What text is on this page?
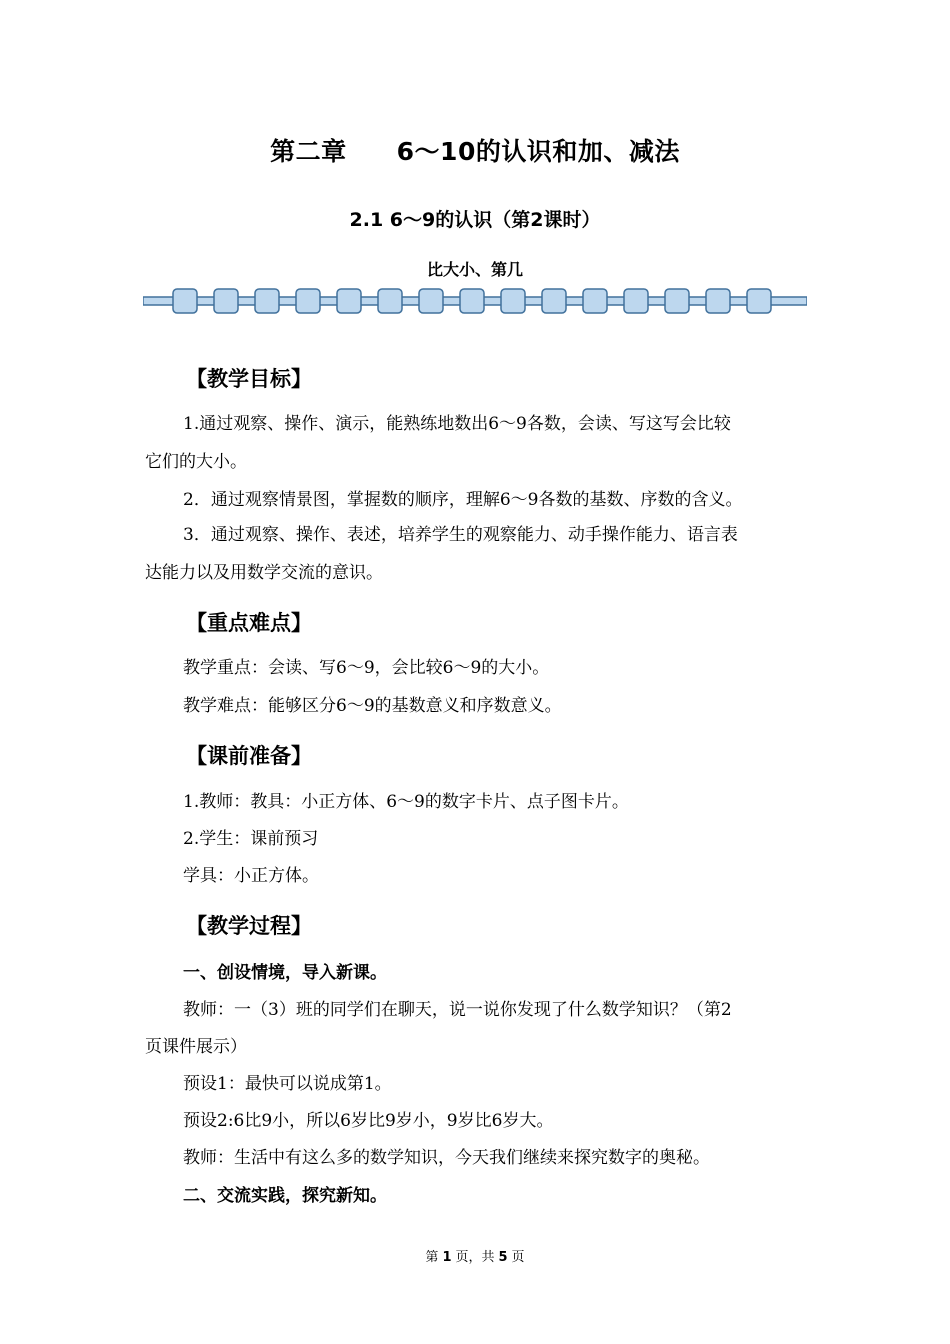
第二章 6～10的认识和加、减法
2.1 6～9的认识（第2课时）
比大小、第几
【教学目标】
1.通过观察、操作、演示，能熟练地数出6～9各数，会读、写这写会比较
它们的大小。
2．通过观察情景图，掌握数的顺序，理解6～9各数的基数、序数的含义。
3．通过观察、操作、表述，培养学生的观察能力、动手操作能力、语言表
达能力以及用数学交流的意识。
【重点难点】
教学重点：会读、写6～9，会比较6～9的大小。
教学难点：能够区分6～9的基数意义和序数意义。
【课前准备】
1.教师：教具：小正方体、6～9的数字卡片、点子图卡片。
2.学生：课前预习
学具：小正方体。
【教学过程】
一、创设情境，导入新课。
教师：一（3）班的同学们在聊天，说一说你发现了什么数学知识？（第2
页课件展示）
预设1：最快可以说成第1。
预设2:6比9小，所以6岁比9岁小，9岁比6岁大。
教师：生活中有这么多的数学知识，今天我们继续来探究数字的奥秘。
二、交流实践，探究新知。
第 1 页，共 5 页
